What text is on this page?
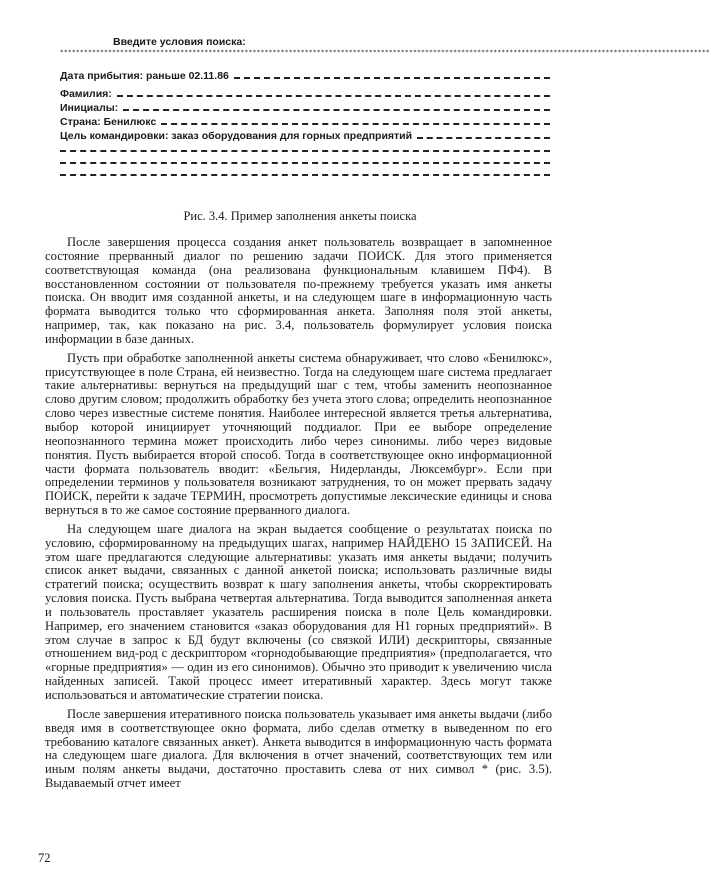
Введите условия поиска:
******************************************************************************************************************************************************************
Дата прибытия: раньше 02.11.86
Фамилия:
Инициалы:
Страна: Бенилюкс
Цель командировки: заказ оборудования для горных предприятий
Рис. 3.4. Пример заполнения анкеты поиска

После завершения процесса создания анкет пользователь возвращает в запомненное состояние прерванный диалог по решению задачи ПОИСК. Для этого применяется соответствующая команда (она реализована функциональным клавишем ПФ4). В восстановленном состоянии от пользователя по-прежнему требуется указать имя анкеты поиска. Он вводит имя созданной анкеты, и на следующем шаге в информационную часть формата выводится только что сформированная анкета. Заполняя поля этой анкеты, например, так, как показано на рис. 3.4, пользователь формулирует условия поиска информации в базе данных.

Пусть при обработке заполненной анкеты система обнаруживает, что слово «Бенилюкс», присутствующее в поле Страна, ей неизвестно. Тогда на следующем шаге система предлагает такие альтернативы: вернуться на предыдущий шаг с тем, чтобы заменить неопознанное слово другим словом; продолжить обработку без учета этого слова; определить неопознанное слово через известные системе понятия. Наиболее интересной является третья альтернатива, выбор которой инициирует уточняющий поддиалог. При ее выборе определение неопознанного термина может происходить либо через синонимы. либо через видовые понятия. Пусть выбирается второй способ. Тогда в соответствующее окно информационной части формата пользователь вводит: «Бельгия, Нидерланды, Люксембург». Если при определении терминов у пользователя возникают затруднения, то он может прервать задачу ПОИСК, перейти к задаче ТЕРМИН, просмотреть допустимые лексические единицы и снова вернуться в то же самое состояние прерванного диалога.

На следующем шаге диалога на экран выдается сообщение о результатах поиска по условию, сформированному на предыдущих шагах, например НАЙДЕНО 15 ЗАПИСЕЙ. На этом шаге предлагаются следующие альтернативы: указать имя анкеты выдачи; получить список анкет выдачи, связанных с данной анкетой поиска; использовать различные виды стратегий поиска; осуществить возврат к шагу заполнения анкеты, чтобы скорректировать условия поиска. Пусть выбрана четвертая альтернатива. Тогда выводится заполненная анкета и пользователь проставляет указатель расширения поиска в поле Цель командировки. Например, его значением становится «заказ оборудования для Н1 горных предприятий». В этом случае в запрос к БД будут включены (со связкой ИЛИ) дескрипторы, связанные отношением вид-род с дескриптором «горнодобывающие предприятия» (предполагается, что «горные предприятия» — один из его синонимов). Обычно это приводит к увеличению числа найденных записей. Такой процесс имеет итеративный характер. Здесь могут также использоваться и автоматические стратегии поиска.

После завершения итеративного поиска пользователь указывает имя анкеты выдачи (либо введя имя в соответствующее окно формата, либо сделав отметку в выведенном по его требованию каталоге связанных анкет). Анкета выводится в информационную часть формата на следующем шаге диалога. Для включения в отчет значений, соответствующих тем или иным полям анкеты выдачи, достаточно проставить слева от них символ * (рис. 3.5). Выдаваемый отчет имеет

72
